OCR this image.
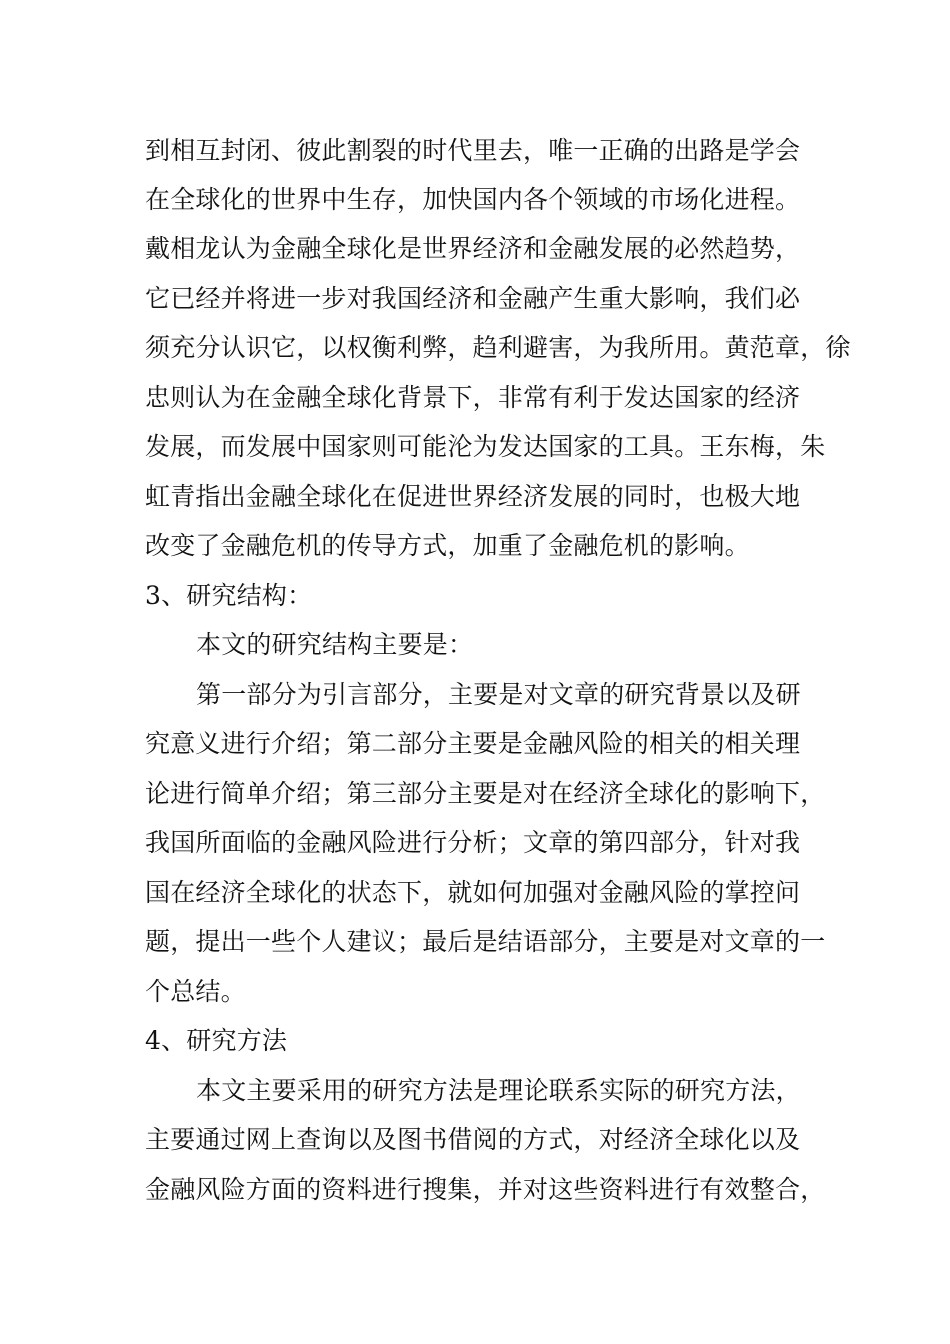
到相互封闭、彼此割裂的时代里去，唯一正确的出路是学会
在全球化的世界中生存，加快国内各个领域的市场化进程。
戴相龙认为金融全球化是世界经济和金融发展的必然趋势，
它已经并将进一步对我国经济和金融产生重大影响，我们必
须充分认识它，以权衡利弊，趋利避害，为我所用。黄范章，徐
忠则认为在金融全球化背景下，非常有利于发达国家的经济
发展，而发展中国家则可能沦为发达国家的工具。王东梅，朱
虹青指出金融全球化在促进世界经济发展的同时，也极大地
改变了金融危机的传导方式，加重了金融危机的影响。
3、研究结构：
本文的研究结构主要是：
第一部分为引言部分，主要是对文章的研究背景以及研
究意义进行介绍；第二部分主要是金融风险的相关的相关理
论进行简单介绍；第三部分主要是对在经济全球化的影响下，
我国所面临的金融风险进行分析；文章的第四部分，针对我
国在经济全球化的状态下，就如何加强对金融风险的掌控问
题，提出一些个人建议；最后是结语部分，主要是对文章的一
个总结。
4、研究方法
本文主要采用的研究方法是理论联系实际的研究方法，
主要通过网上查询以及图书借阅的方式，对经济全球化以及
金融风险方面的资料进行搜集，并对这些资料进行有效整合，
